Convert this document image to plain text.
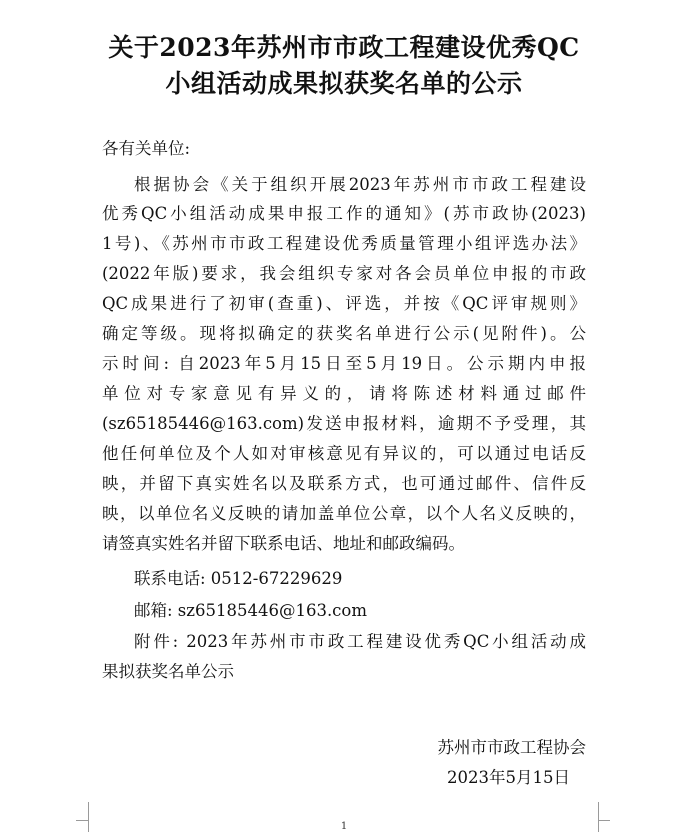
关于2023年苏州市市政工程建设优秀QC
小组活动成果拟获奖名单的公示
各有关单位:
根据协会《关于组织开展2023年苏州市市政工程建设
优秀QC小组活动成果申报工作的通知》(苏市政协(2023)
1号)、《苏州市市政工程建设优秀质量管理小组评选办法》
(2022年版)要求，我会组织专家对各会员单位申报的市政
QC成果进行了初审(查重)、评选，并按《QC评审规则》
确定等级。现将拟确定的获奖名单进行公示(见附件)。公
示时间: 自2023年5月15日至5月19日。公示期内申报
单位对专家意见有异义的，请将陈述材料通过邮件
(sz65185446@163.com)发送申报材料，逾期不予受理，其
他任何单位及个人如对审核意见有异议的，可以通过电话反
映，并留下真实姓名以及联系方式，也可通过邮件、信件反
映，以单位名义反映的请加盖单位公章，以个人名义反映的，
请签真实姓名并留下联系电话、地址和邮政编码。
联系电话: 0512-67229629
邮箱: sz65185446@163.com
附件: 2023年苏州市市政工程建设优秀QC小组活动成
果拟获奖名单公示
苏州市市政工程协会
2023年5月15日
1
